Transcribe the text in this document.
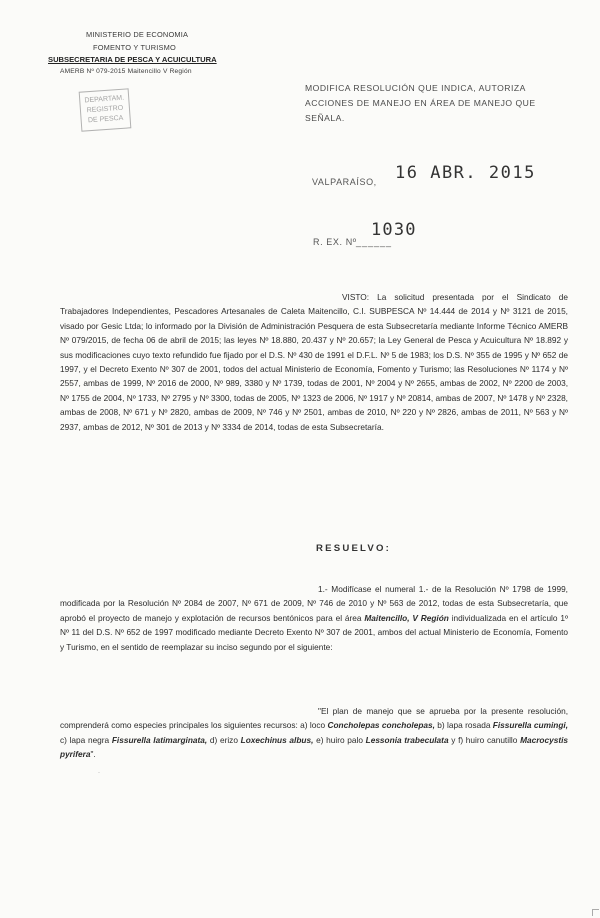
MINISTERIO DE ECONOMIA
FOMENTO Y TURISMO
SUBSECRETARIA DE PESCA Y ACUICULTURA
AMERB Nº 079-2015 Maitencillo V Región
DEPARTAM.
REGISTRO
DE PESCA
MODIFICA RESOLUCIÓN QUE INDICA, AUTORIZA ACCIONES DE MANEJO EN ÁREA DE MANEJO QUE SEÑALA.
VALPARAÍSO, 16 ABR. 2015
R. EX. Nº ______
1030
VISTO: La solicitud presentada por el Sindicato de Trabajadores Independientes, Pescadores Artesanales de Caleta Maitencillo, C.I. SUBPESCA Nº 14.444 de 2014 y Nº 3121 de 2015, visado por Gesic Ltda; lo informado por la División de Administración Pesquera de esta Subsecretaría mediante Informe Técnico AMERB Nº 079/2015, de fecha 06 de abril de 2015; las leyes Nº 18.880, 20.437 y Nº 20.657; la Ley General de Pesca y Acuicultura Nº 18.892 y sus modificaciones cuyo texto refundido fue fijado por el D.S. Nº 430 de 1991 el D.F.L. Nº 5 de 1983; los D.S. Nº 355 de 1995 y Nº 652 de 1997, y el Decreto Exento Nº 307 de 2001, todos del actual Ministerio de Economía, Fomento y Turismo; las Resoluciones Nº 1174 y Nº 2557, ambas de 1999, Nº 2016 de 2000, Nº 989, 3380 y Nº 1739, todas de 2001, Nº 2004 y Nº 2655, ambas de 2002, Nº 2200 de 2003, Nº 1755 de 2004, Nº 1733, Nº 2795 y Nº 3300, todas de 2005, Nº 1323 de 2006, Nº 1917 y Nº 20814, ambas de 2007, Nº 1478 y Nº 2328, ambas de 2008, Nº 671 y Nº 2820, ambas de 2009, Nº 746 y Nº 2501, ambas de 2010, Nº 220 y Nº 2826, ambas de 2011, Nº 563 y Nº 2937, ambas de 2012, Nº 301 de 2013 y Nº 3334 de 2014, todas de esta Subsecretaría.
RESUELVO:
1.- Modifícase el numeral 1.- de la Resolución Nº 1798 de 1999, modificada por la Resolución Nº 2084 de 2007, Nº 671 de 2009, Nº 746 de 2010 y Nº 563 de 2012, todas de esta Subsecretaría, que aprobó el proyecto de manejo y explotación de recursos bentónicos para el área Maitencillo, V Región individualizada en el artículo 1º Nº 11 del D.S. Nº 652 de 1997 modificado mediante Decreto Exento Nº 307 de 2001, ambos del actual Ministerio de Economía, Fomento y Turismo, en el sentido de reemplazar su inciso segundo por el siguiente:
"El plan de manejo que se aprueba por la presente resolución, comprenderá como especies principales los siguientes recursos: a) loco Concholepas concholepas, b) lapa rosada Fissurella cumingi, c) lapa negra Fissurella latimarginata, d) erizo Loxechinus albus, e) huiro palo Lessonia trabeculata y f) huiro canutillo Macrocystis pyrifera".
·
